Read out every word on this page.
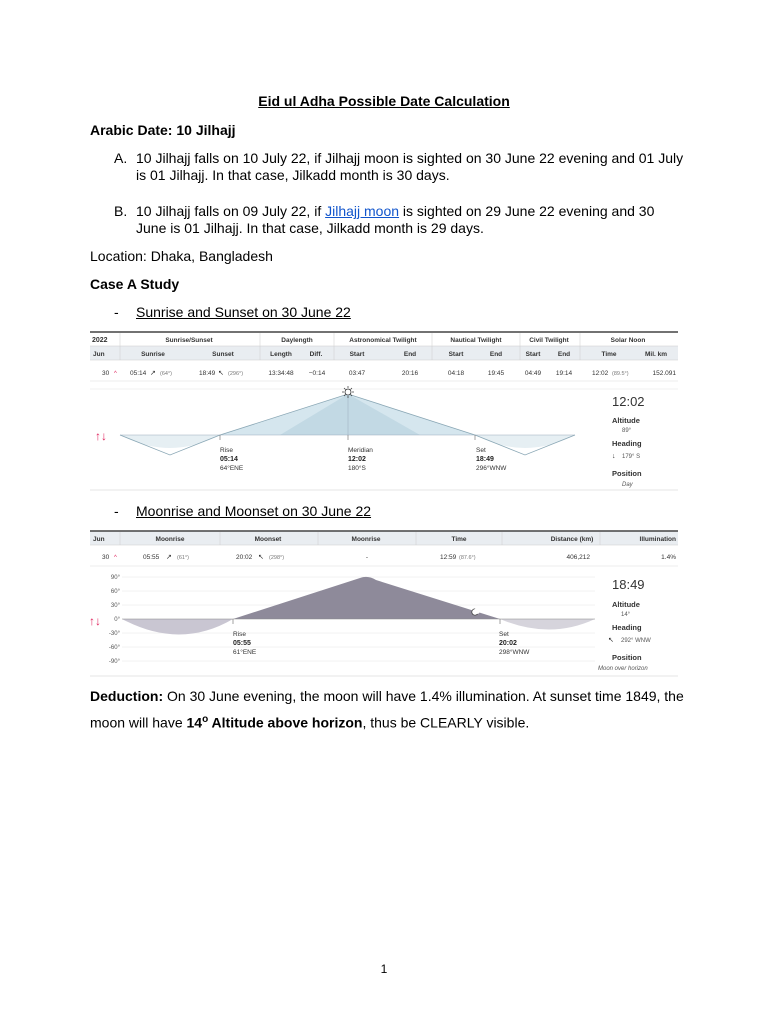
Eid ul Adha Possible Date Calculation
Arabic Date: 10 Jilhajj
A. 10 Jilhajj falls on 10 July 22, if Jilhajj moon is sighted on 30 June 22 evening and 01 July
is 01 Jilhajj. In that case, Jilkadd month is 30 days.
B. 10 Jilhajj falls on 09 July 22, if Jilhajj moon is sighted on 29 June 22 evening and 30
June is 01 Jilhajj. In that case, Jilkadd month is 29 days.
Location: Dhaka, Bangladesh
Case A Study
- Sunrise and Sunset on 30 June 22
2022	Sunrise/Sunset	Daylength	Astronomical Twilight	Nautical Twilight	Civil Twilight	Solar Noon
Jun	Sunrise	Sunset	Length	Diff.	Start	End	Start	End	Start	End	Time	Mil. km
30 ^ 05:14 ↗ (64°)	18:49 ↖ (296°)	13:34:48 −0:14	03:47	20:16	04:18	19:45	04:49 19:14	12:02 (89.5°)	152.091
↑↓
Rise
05:14
64°ENE
Meridian
12:02
180°S
Set
18:49
296°WNW
12:02
Altitude
89°
Heading
↓ 179° S
Position
Day
- Moonrise and Moonset on 30 June 22
Jun	Moonrise	Moonset	Moonrise	Time	Distance (km)	Illumination
30 ^	05:55 ↗ (61°)	20:02 ↖ (298°)	-	12:59 (87.6°)	406,212	1.4%
90°
60°
30°
0°
-30°
-60°
-90°
↑↓
Rise
05:55
61°ENE
Set
20:02
298°WNW
18:49
Altitude
14°
Heading
↖ 292° WNW
Position
Moon over horizon
Deduction: On 30 June evening, the moon will have 1.4% illumination. At sunset time 1849, the
moon will have 14$^o$ Altitude above horizon, thus be CLEARLY visible.
1
